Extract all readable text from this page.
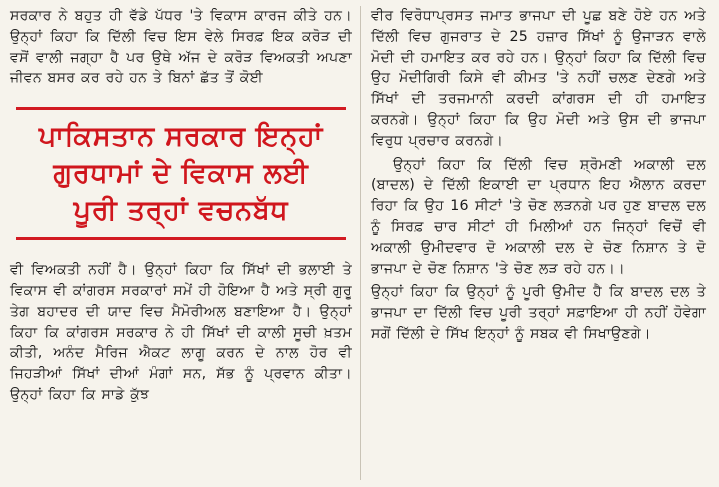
ਸਰਕਾਰ ਨੇ ਬਹੁਤ ਹੀ ਵੱਡੇ ਪੱਧਰ 'ਤੇ ਵਿਕਾਸ ਕਾਰਜ ਕੀਤੇ ਹਨ। ਉਨ੍ਹਾਂ ਕਿਹਾ ਕਿ ਦਿੱਲੀ ਵਿਚ ਇਸ ਵੇਲੇ ਸਿਰਫ਼ ਇਕ ਕਰੋੜ ਦੀ ਵਸੋਂ ਵਾਲੀ ਜਗ੍ਹਾ ਹੈ ਪਰ ਉਥੇ ਅੱਜ ਦੇ ਕਰੋੜ ਵਿਅਕਤੀ ਅਪਣਾ ਜੀਵਨ ਬਸਰ ਕਰ ਰਹੇ ਹਨ ਤੇ ਬਿਨਾਂ ਛੱਤ ਤੋਂ ਕੋਈ

ਪਾਕਿਸਤਾਨ ਸਰਕਾਰ ਇਨ੍ਹਾਂ
ਗੁਰਧਾਮਾਂ ਦੇ ਵਿਕਾਸ ਲਈ
ਪੂਰੀ ਤਰ੍ਹਾਂ ਵਚਨਬੱਧ

ਵੀ ਵਿਅਕਤੀ ਨਹੀਂ ਹੈ। ਉਨ੍ਹਾਂ ਕਿਹਾ ਕਿ ਸਿੱਖਾਂ ਦੀ ਭਲਾਈ ਤੇ ਵਿਕਾਸ ਵੀ ਕਾਂਗਰਸ ਸਰਕਾਰਾਂ ਸਮੇਂ ਹੀ ਹੋਇਆ ਹੈ ਅਤੇ ਸ੍ਰੀ ਗੁਰੂ ਤੇਗ ਬਹਾਦਰ ਦੀ ਯਾਦ ਵਿਚ ਮੈਮੋਰੀਅਲ ਬਣਾਇਆ ਹੈ। ਉਨ੍ਹਾਂ ਕਿਹਾ ਕਿ ਕਾਂਗਰਸ ਸਰਕਾਰ ਨੇ ਹੀ ਸਿੱਖਾਂ ਦੀ ਕਾਲੀ ਸੂਚੀ ਖ਼ਤਮ ਕੀਤੀ, ਅਨੰਦ ਮੈਰਿਜ ਐਕਟ ਲਾਗੂ ਕਰਨ ਦੇ ਨਾਲ ਹੋਰ ਵੀ ਜਿਹੜੀਆਂ ਸਿੱਖਾਂ ਦੀਆਂ ਮੰਗਾਂ ਸਨ, ਸੱਭ ਨੂੰ ਪ੍ਰਵਾਨ ਕੀਤਾ। ਉਨ੍ਹਾਂ ਕਿਹਾ ਕਿ ਸਾਡੇ ਕੁੱਝ

ਵੀਰ ਵਿਰੋਧਾਪ੍ਰਸਤ ਜਮਾਤ ਭਾਜਪਾ ਦੀ ਪੂਛ ਬਣੇ ਹੋਏ ਹਨ ਅਤੇ ਦਿੱਲੀ ਵਿਚ ਗੁਜਰਾਤ ਦੇ 25 ਹਜ਼ਾਰ ਸਿੱਖਾਂ ਨੂੰ ਉਜਾੜਨ ਵਾਲੇ ਮੋਦੀ ਦੀ ਹਮਾਇਤ ਕਰ ਰਹੇ ਹਨ। ਉਨ੍ਹਾਂ ਕਿਹਾ ਕਿ ਦਿੱਲੀ ਵਿਚ ਉਹ ਮੋਦੀਗਿਰੀ ਕਿਸੇ ਵੀ ਕੀਮਤ 'ਤੇ ਨਹੀਂ ਚਲਣ ਦੇਣਗੇ ਅਤੇ ਸਿੱਖਾਂ ਦੀ ਤਰਜਮਾਨੀ ਕਰਦੀ ਕਾਂਗਰਸ ਦੀ ਹੀ ਹਮਾਇਤ ਕਰਨਗੇ। ਉਨ੍ਹਾਂ ਕਿਹਾ ਕਿ ਉਹ ਮੋਦੀ ਅਤੇ ਉਸ ਦੀ ਭਾਜਪਾ ਵਿਰੁਧ ਪ੍ਰਚਾਰ ਕਰਨਗੇ।

ਉਨ੍ਹਾਂ ਕਿਹਾ ਕਿ ਦਿੱਲੀ ਵਿਚ ਸ਼੍ਰੋਮਣੀ ਅਕਾਲੀ ਦਲ (ਬਾਦਲ) ਦੇ ਦਿੱਲੀ ਇਕਾਈ ਦਾ ਪ੍ਰਧਾਨ ਇਹ ਐਲਾਨ ਕਰਦਾ ਰਿਹਾ ਕਿ ਉਹ 16 ਸੀਟਾਂ 'ਤੇ ਚੋਣ ਲੜਨਗੇ ਪਰ ਹੁਣ ਬਾਦਲ ਦਲ ਨੂੰ ਸਿਰਫ਼ ਚਾਰ ਸੀਟਾਂ ਹੀ ਮਿਲੀਆਂ ਹਨ ਜਿਨ੍ਹਾਂ ਵਿਚੋਂ ਵੀ ਅਕਾਲੀ ਉਮੀਦਵਾਰ ਦੋ ਅਕਾਲੀ ਦਲ ਦੇ ਚੋਣ ਨਿਸ਼ਾਨ ਤੇ ਦੋ ਭਾਜਪਾ ਦੇ ਚੋਣ ਨਿਸ਼ਾਨ 'ਤੇ ਚੋਣ ਲੜ ਰਹੇ ਹਨ।।

ਉਨ੍ਹਾਂ ਕਿਹਾ ਕਿ ਉਨ੍ਹਾਂ ਨੂੰ ਪੂਰੀ ਉਮੀਦ ਹੈ ਕਿ ਬਾਦਲ ਦਲ ਤੇ ਭਾਜਪਾ ਦਾ ਦਿੱਲੀ ਵਿਚ ਪੂਰੀ ਤਰ੍ਹਾਂ ਸਫ਼ਾਇਆ ਹੀ ਨਹੀਂ ਹੋਵੇਗਾ ਸਗੋਂ ਦਿੱਲੀ ਦੇ ਸਿੱਖ ਇਨ੍ਹਾਂ ਨੂੰ ਸਬਕ ਵੀ ਸਿਖਾਉਣਗੇ।
